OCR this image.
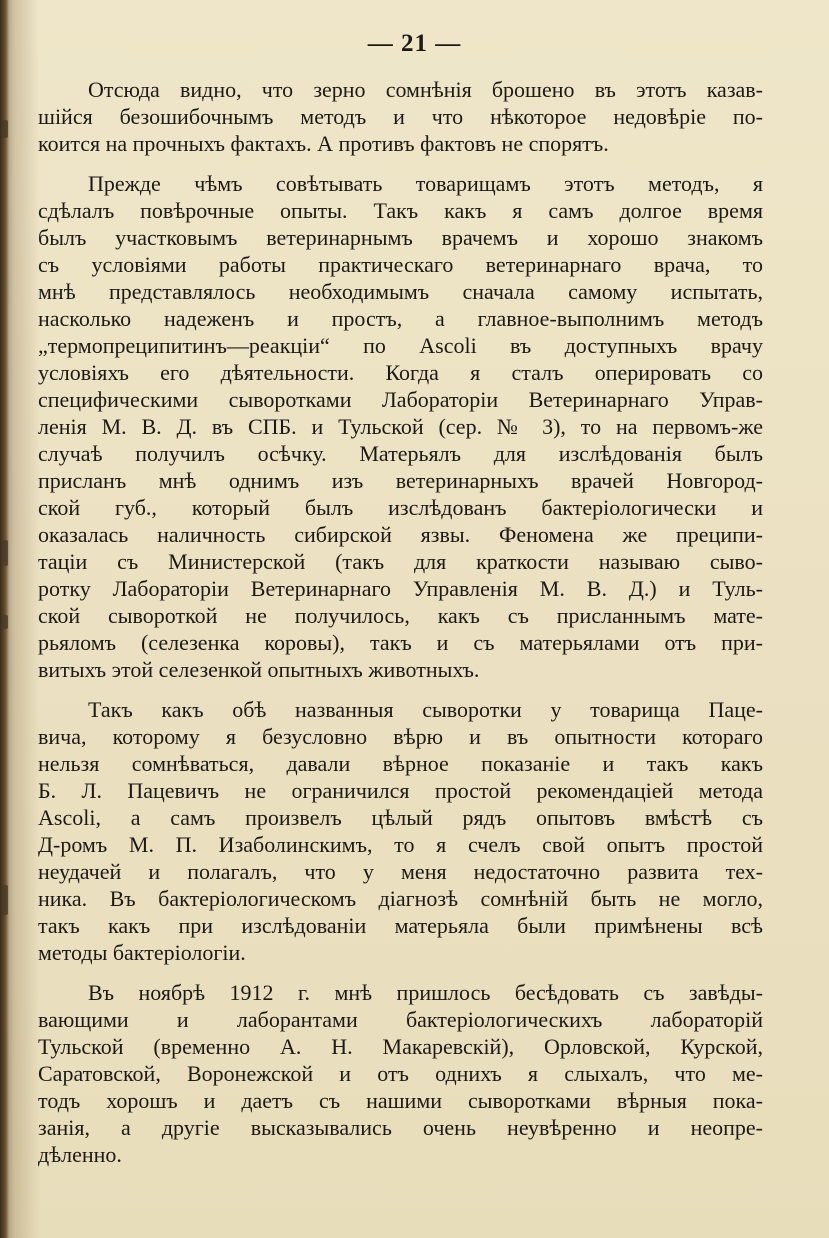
— 21 —
Отсюда видно, что зерно сомнѣнія брошено въ этотъ казав-
шійся безошибочнымъ методъ и что нѣкоторое недовѣріе по-
коится на прочныхъ фактахъ. А противъ фактовъ не спорятъ.
Прежде чѣмъ совѣтывать товарищамъ этотъ методъ, я
сдѣлалъ повѣрочные опыты. Такъ какъ я самъ долгое время
былъ участковымъ ветеринарнымъ врачемъ и хорошо знакомъ
съ условіями работы практическаго ветеринарнаго врача, то
мнѣ представлялось необходимымъ сначала самому испытать,
насколько надеженъ и простъ, а главное-выполнимъ методъ
„термопреципитинъ—реакціи“ по Ascoli въ доступныхъ врачу
условіяхъ его дѣятельности. Когда я сталъ оперировать со
специфическими сыворотками Лабораторіи Ветеринарнаго Управ-
ленія М. В. Д. въ СПБ. и Тульской (сер. № 3), то на первомъ-же
случаѣ получилъ осѣчку. Матерьялъ для изслѣдованія былъ
присланъ мнѣ однимъ изъ ветеринарныхъ врачей Новгород-
ской губ., который былъ изслѣдованъ бактеріологически и
оказалась наличность сибирской язвы. Феномена же преципи-
таціи съ Министерской (такъ для краткости называю сыво-
ротку Лабораторіи Ветеринарнаго Управленія М. В. Д.) и Туль-
ской сывороткой не получилось, какъ съ присланнымъ мате-
рьяломъ (селезенка коровы), такъ и съ матерьялами отъ при-
витыхъ этой селезенкой опытныхъ животныхъ.
Такъ какъ обѣ названныя сыворотки у товарища Паце-
вича, которому я безусловно вѣрю и въ опытности котораго
нельзя сомнѣваться, давали вѣрное показаніе и такъ какъ
Б. Л. Пацевичъ не ограничился простой рекомендаціей метода
Ascoli, а самъ произвелъ цѣлый рядъ опытовъ вмѣстѣ съ
Д-ромъ М. П. Изаболинскимъ, то я счелъ свой опытъ простой
неудачей и полагалъ, что у меня недостаточно развита тех-
ника. Въ бактеріологическомъ діагнозѣ сомнѣній быть не могло,
такъ какъ при изслѣдованіи матерьяла были примѣнены всѣ
методы бактеріологіи.
Въ ноябрѣ 1912 г. мнѣ пришлось бесѣдовать съ завѣды-
вающими и лаборантами бактеріологическихъ лабораторій
Тульской (временно А. Н. Макаревскій), Орловской, Курской,
Саратовской, Воронежской и отъ однихъ я слыхалъ, что ме-
тодъ хорошъ и даетъ съ нашими сыворотками вѣрныя пока-
занія, а другіе высказывались очень неувѣренно и неопре-
дѣленно.
